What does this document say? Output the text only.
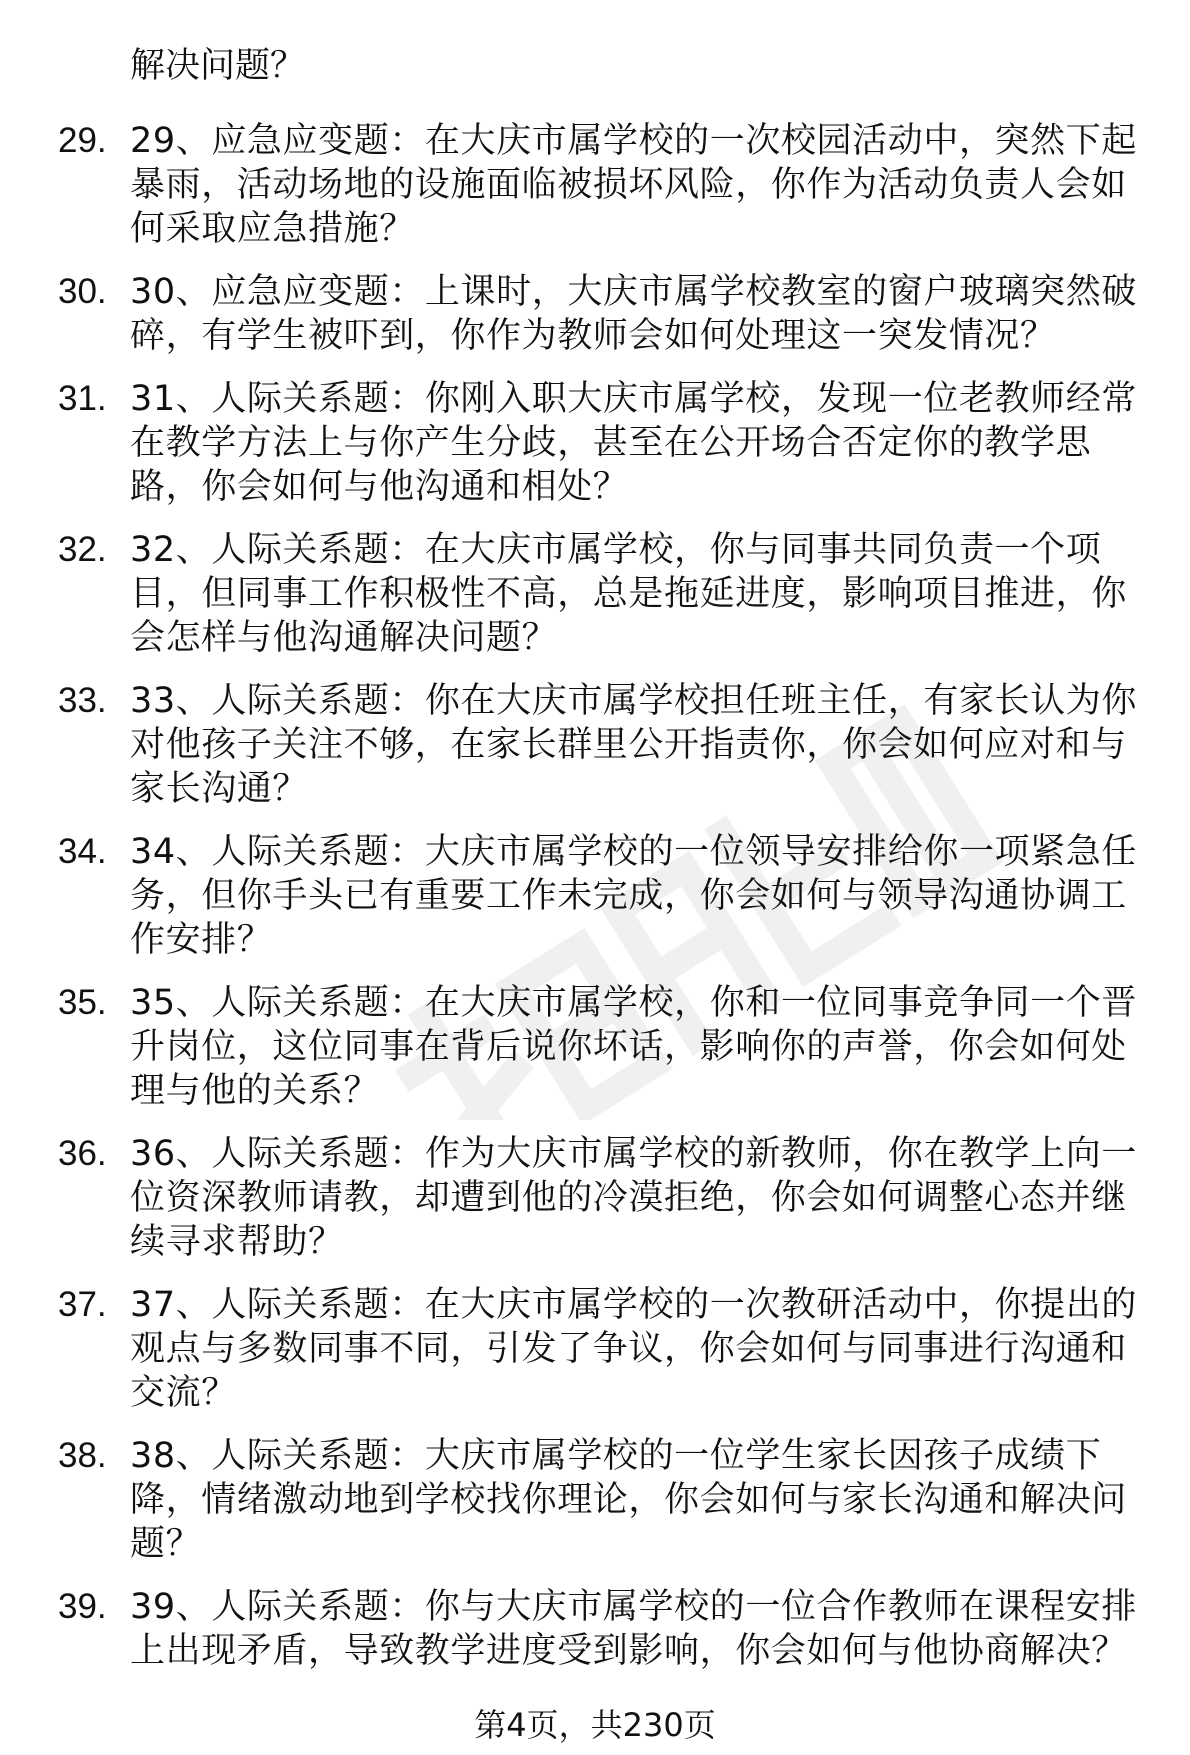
解决问题？
29. 29、应急应变题：在大庆市属学校的一次校园活动中，突然下起暴雨，活动场地的设施面临被损坏风险，你作为活动负责人会如何采取应急措施？
30. 30、应急应变题：上课时，大庆市属学校教室的窗户玻璃突然破碎，有学生被吓到，你作为教师会如何处理这一突发情况？
31. 31、人际关系题：你刚入职大庆市属学校，发现一位老教师经常在教学方法上与你产生分歧，甚至在公开场合否定你的教学思路，你会如何与他沟通和相处？
32. 32、人际关系题：在大庆市属学校，你与同事共同负责一个项目，但同事工作积极性不高，总是拖延进度，影响项目推进，你会怎样与他沟通解决问题？
33. 33、人际关系题：你在大庆市属学校担任班主任，有家长认为你对他孩子关注不够，在家长群里公开指责你，你会如何应对和与家长沟通？
34. 34、人际关系题：大庆市属学校的一位领导安排给你一项紧急任务，但你手头已有重要工作未完成，你会如何与领导沟通协调工作安排？
35. 35、人际关系题：在大庆市属学校，你和一位同事竞争同一个晋升岗位，这位同事在背后说你坏话，影响你的声誉，你会如何处理与他的关系？
36. 36、人际关系题：作为大庆市属学校的新教师，你在教学上向一位资深教师请教，却遭到他的冷漠拒绝，你会如何调整心态并继续寻求帮助？
37. 37、人际关系题：在大庆市属学校的一次教研活动中，你提出的观点与多数同事不同，引发了争议，你会如何与同事进行沟通和交流？
38. 38、人际关系题：大庆市属学校的一位学生家长因孩子成绩下降，情绪激动地到学校找你理论，你会如何与家长沟通和解决问题？
39. 39、人际关系题：你与大庆市属学校的一位合作教师在课程安排上出现矛盾，导致教学进度受到影响，你会如何与他协商解决？
第4页，共230页
